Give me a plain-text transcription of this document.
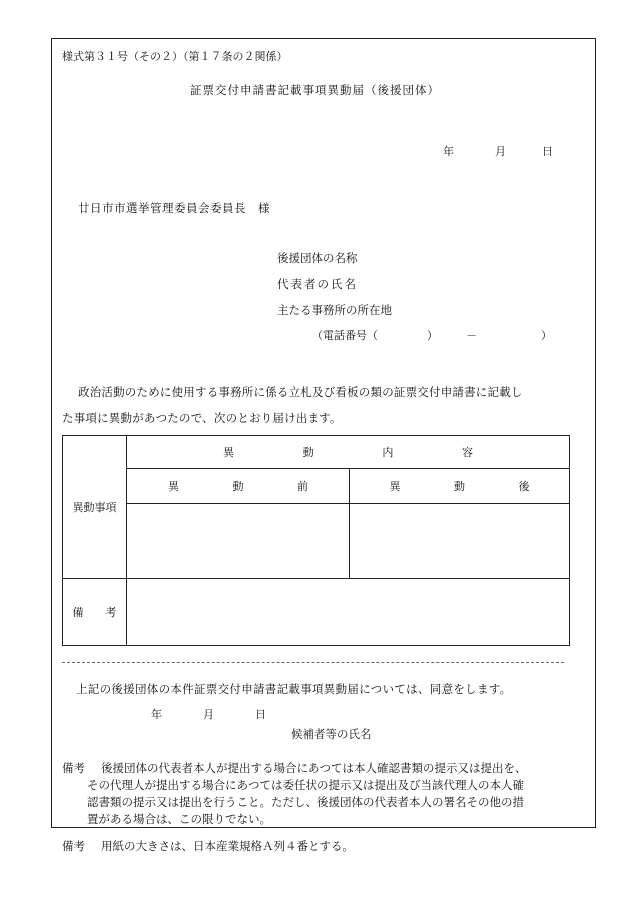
様式第３１号（その２）（第１７条の２関係）
証票交付申請書記載事項異動届（後援団体）
年	月	日
廿日市市選挙管理委員会委員長　様
後援団体の名称
代表者の氏名
主たる事務所の所在地
（電話番号（	）	－	）
政治活動のために使用する事務所に係る立札及び看板の類の証票交付申請書に記載し
た事項に異動があつたので、次のとおり届け出ます。
異動事項	異 動 内 容	

	異 動 前	異 動 後

備 考		

上記の後援団体の本件証票交付申請書記載事項異動届については、同意をします。
年	月	日
候補者等の氏名
備考 後援団体の代表者本人が提出する場合にあつては本人確認書類の提示又は提出を、
その代理人が提出する場合にあつては委任状の提示又は提出及び当該代理人の本人確
認書類の提示又は提出を行うこと。ただし、後援団体の代表者本人の署名その他の措
置がある場合は、この限りでない。
備考 用紙の大きさは、日本産業規格Ａ列４番とする。
